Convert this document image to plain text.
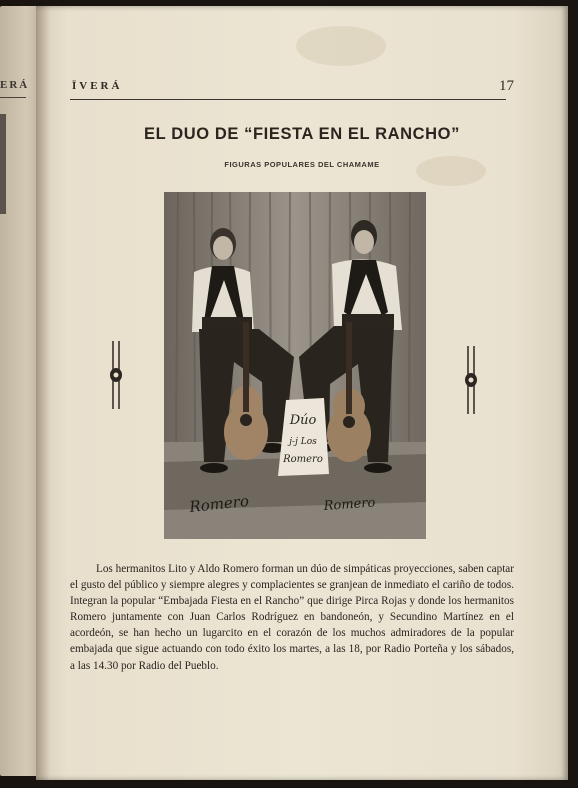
ERÁ	ÏVERÁ	17
EL DUO DE “FIESTA EN EL RANCHO”
FIGURAS POPULARES DEL CHAMAME
Dúo
j-j Los
Romero
Romero	Romero
Los hermanitos Lito y Aldo Romero forman un dúo de simpáticas proyecciones, saben captar el gusto del público y siempre alegres y complacientes se granjean de inmediato el cariño de todos. Integran la popular “Embajada Fiesta en el Rancho” que dirige Pirca Rojas y donde los hermanitos Romero juntamente con Juan Carlos Rodríguez en bandoneón, y Secundino Martínez en el acordeón, se han hecho un lugarcito en el corazón de los muchos admiradores de la popular embajada que sigue actuando con todo éxito los martes, a las 18, por Radio Porteña y los sábados, a las 14.30 por Radio del Pueblo.
